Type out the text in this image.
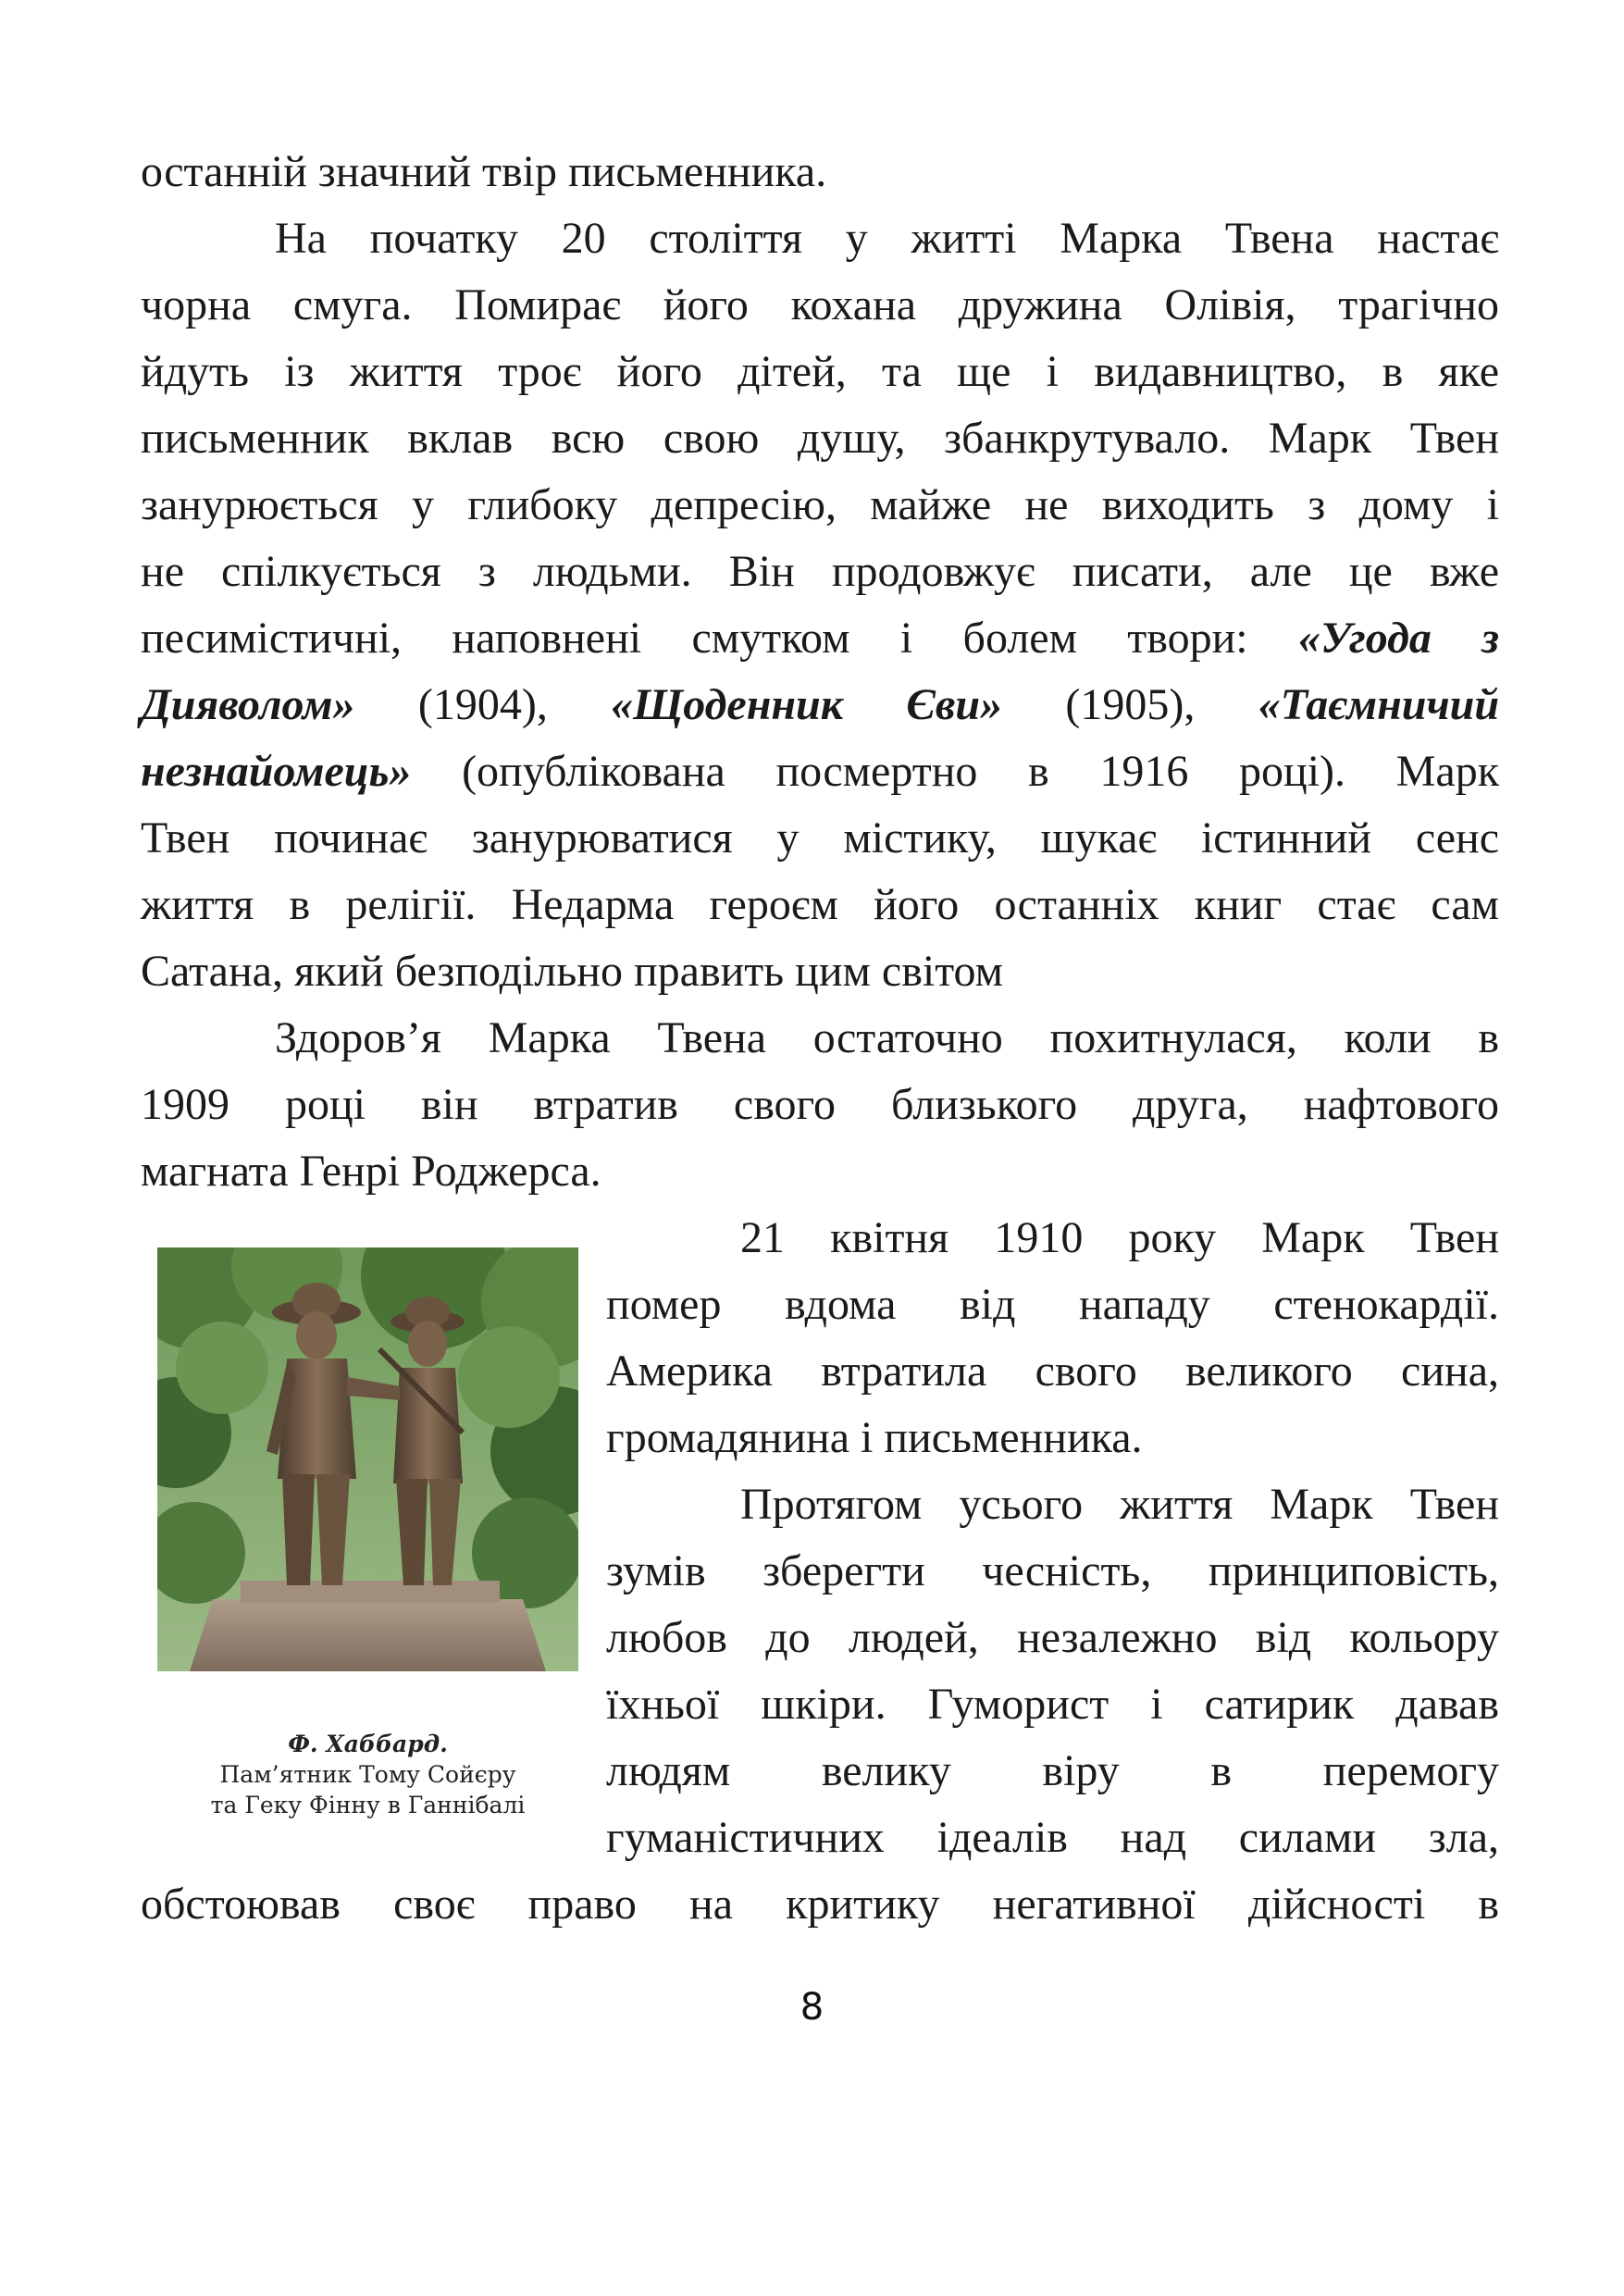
останній значний твір письменника.
На початку 20 століття у житті Марка Твена настає
чорна смуга. Помирає його кохана дружина Олівія, трагічно
йдуть із життя троє його дітей, та ще і видавництво, в яке
письменник вклав всю свою душу, збанкрутувало. Марк Твен
занурюється у глибоку депресію, майже не виходить з дому і
не спілкується з людьми. Він продовжує писати, але це вже
песимістичні, наповнені смутком і болем твори: «Угода з
Дияволом» (1904), «Щоденник Єви» (1905), «Таємничий
незнайомець» (опублікована посмертно в 1916 році). Марк
Твен починає занурюватися у містику, шукає істинний сенс
життя в релігії. Недарма героєм його останніх книг стає сам
Сатана, який безподільно править цим світом
Здоров’я Марка Твена остаточно похитнулася, коли в
1909 році він втратив свого близького друга, нафтового
магната Генрі Роджерса.
Ф. Хаббард.
Пам’ятник Тому Сойєру
та Геку Фінну в Ганнібалі
21 квітня 1910 року Марк Твен
помер вдома від нападу стенокардії.
Америка втратила свого великого сина,
громадянина і письменника.
Протягом усього життя Марк Твен
зумів зберегти чесність, принциповість,
любов до людей, незалежно від кольору
їхньої шкіри. Гуморист і сатирик давав
людям велику віру в перемогу
гуманістичних ідеалів над силами зла,
обстоював своє право на критику негативної дійсності в
8
